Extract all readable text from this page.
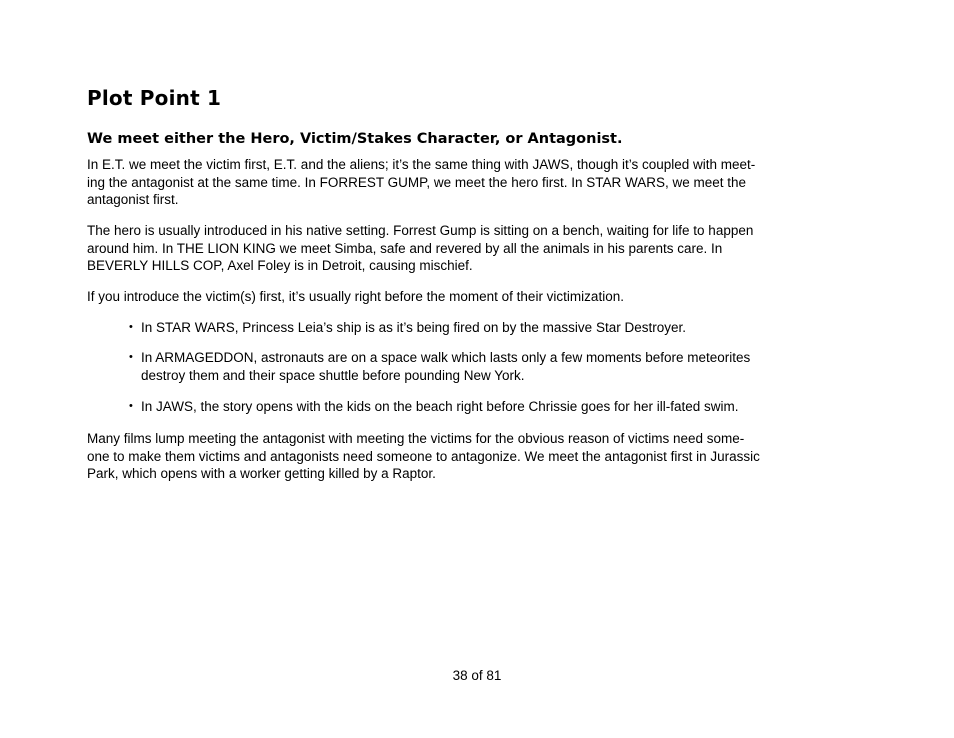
Plot Point 1
We meet either the Hero, Victim/Stakes Character, or Antagonist.

In E.T. we meet the victim first, E.T. and the aliens; it’s the same thing with JAWS, though it’s coupled with meet-
ing the antagonist at the same time. In FORREST GUMP, we meet the hero first. In STAR WARS, we meet the
antagonist first.

The hero is usually introduced in his native setting. Forrest Gump is sitting on a bench, waiting for life to happen
around him. In THE LION KING we meet Simba, safe and revered by all the animals in his parents care. In
BEVERLY HILLS COP, Axel Foley is in Detroit, causing mischief.

If you introduce the victim(s) first, it’s usually right before the moment of their victimization.

• In STAR WARS, Princess Leia’s ship is as it’s being fired on by the massive Star Destroyer.
• In ARMAGEDDON, astronauts are on a space walk which lasts only a few moments before meteorites
destroy them and their space shuttle before pounding New York.
• In JAWS, the story opens with the kids on the beach right before Chrissie goes for her ill-fated swim.

Many films lump meeting the antagonist with meeting the victims for the obvious reason of victims need some-
one to make them victims and antagonists need someone to antagonize. We meet the antagonist first in Jurassic
Park, which opens with a worker getting killed by a Raptor.

38 of 81
